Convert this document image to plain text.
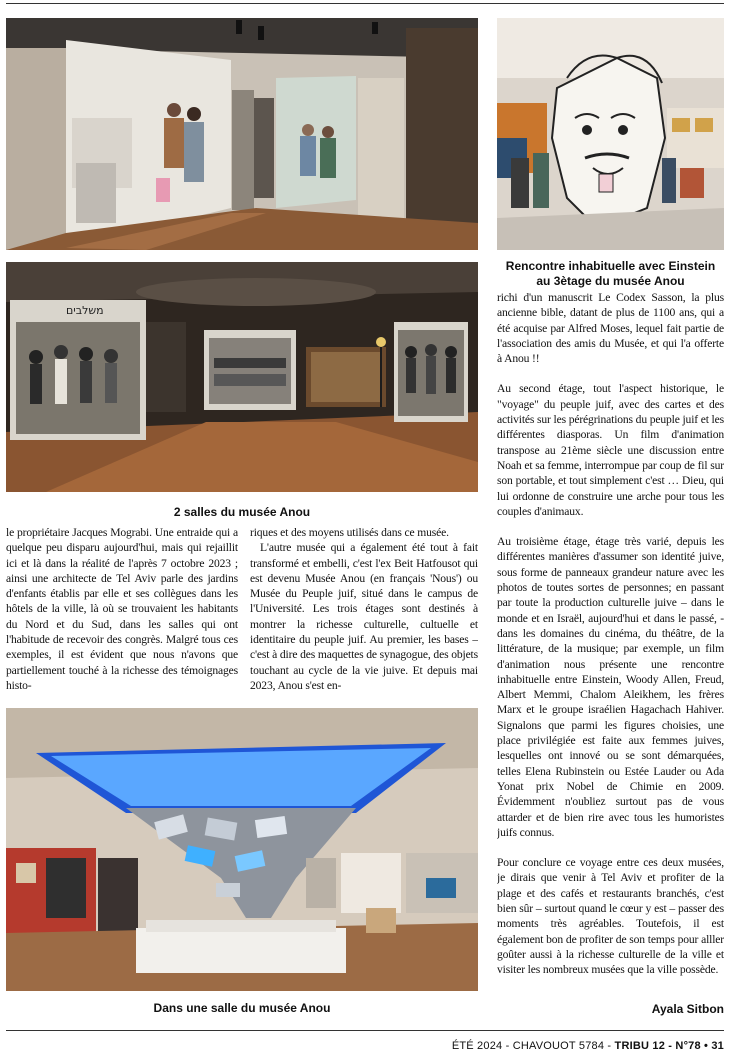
Rencontre inhabituelle avec Einstein
au 3ètage du musée Anou
משלבים
2 salles du musée Anou

le propriétaire Jacques Mograbi. Une entraide qui a quelque peu disparu aujourd'hui, mais qui rejaillit ici et là dans la réalité de l'après 7 octobre 2023 ; ainsi une architecte de Tel Aviv parle des jardins d'enfants établis par elle et ses collègues dans les hôtels de la ville, là où se trouvaient les habitants du Nord et du Sud, dans les salles qui ont l'habitude de recevoir des congrès. Malgré tous ces exemples, il est évident que nous n'avons que partiellement touché à la richesse des témoignages histo-

riques et des moyens utilisés dans ce musée.

L'autre musée qui a également été tout à fait transformé et embelli, c'est l'ex Beit Hatfousot qui est devenu Musée Anou (en français 'Nous') ou Musée du Peuple juif, situé dans le campus de l'Université. Les trois étages sont destinés à montrer la richesse culturelle, cultuelle et identitaire du peuple juif. Au premier, les bases – c'est à dire des maquettes de synagogue, des objets touchant au cycle de la vie juive. Et depuis mai 2023, Anou s'est en-

Dans une salle du musée Anou

richi d'un manuscrit Le Codex Sasson, la plus ancienne bible, datant de plus de 1100 ans, qui a été acquise par Alfred Moses, lequel fait partie de l'association des amis du Musée, et qui l'a offerte à Anou !!

Au second étage, tout l'aspect historique, le "voyage" du peuple juif, avec des cartes et des activités sur les pérégrinations du peuple juif et les différentes diasporas. Un film d'animation transpose au 21ème siècle une discussion entre Noah et sa femme, interrompue par coup de fil sur son portable, et tout simplement c'est … Dieu, qui lui ordonne de construire une arche pour tous les couples d'animaux.

Au troisième étage, étage très varié, depuis les différentes manières d'assumer son identité juive, sous forme de panneaux grandeur nature avec les photos de toutes sortes de personnes; en passant par toute la production culturelle juive – dans le monde et en Israël, aujourd'hui et dans le passé, - dans les domaines du cinéma, du théâtre, de la littérature, de la musique; par exemple, un film d'animation nous présente une rencontre inhabituelle entre Einstein, Woody Allen, Freud, Albert Memmi, Chalom Aleikhem, les frères Marx et le groupe israélien Hagachach Hahiver. Signalons que parmi les figures choisies, une place privilégiée est faite aux femmes juives, lesquelles ont innové ou se sont démarquées, telles Elena Rubinstein ou Estée Lauder ou Ada Yonat prix Nobel de Chimie en 2009. Évidemment n'oubliez surtout pas de vous attarder et de bien rire avec tous les humoristes juifs connus.

Pour conclure ce voyage entre ces deux musées, je dirais que venir à Tel Aviv et profiter de la plage et des cafés et restaurants branchés, c'est bien sûr – surtout quand le cœur y est – passer des moments très agréables. Toutefois, il est également bon de profiter de son temps pour alller goûter aussi à la richesse culturelle de la ville et visiter les nombreux musées que la ville possède.

Ayala Sitbon
ÉTÉ 2024 - CHAVOUOT 5784 - TRIBU 12 - N°78 • 31
